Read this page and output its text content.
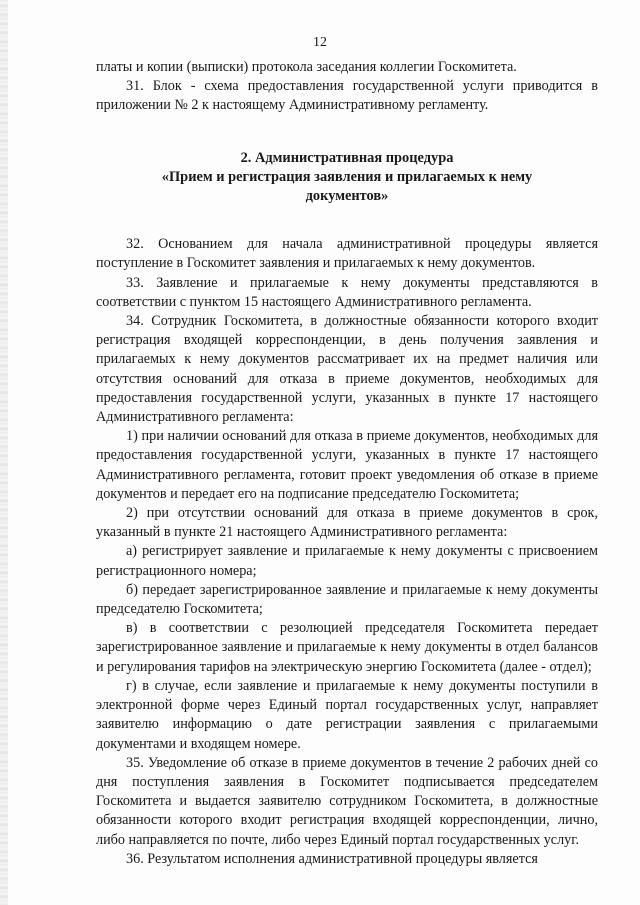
12

платы и копии (выписки) протокола заседания коллегии Госкомитета.

31. Блок - схема предоставления государственной услуги приводится в приложении № 2 к настоящему Административному регламенту.

2. Административная процедура

«Прием и регистрация заявления и прилагаемых к нему

документов»

32. Основанием для начала административной процедуры является поступление в Госкомитет заявления и прилагаемых к нему документов.

33. Заявление и прилагаемые к нему документы представляются в соответствии с пунктом 15 настоящего Административного регламента.

34. Сотрудник Госкомитета, в должностные обязанности которого входит регистрация входящей корреспонденции, в день получения заявления и прилагаемых к нему документов рассматривает их на предмет наличия или отсутствия оснований для отказа в приеме документов, необходимых для предоставления государственной услуги, указанных в пункте 17 настоящего Административного регламента:

1) при наличии оснований для отказа в приеме документов, необходимых для предоставления государственной услуги, указанных в пункте 17 настоящего Административного регламента, готовит проект уведомления об отказе в приеме документов и передает его на подписание председателю Госкомитета;

2) при отсутствии оснований для отказа в приеме документов в срок, указанный в пункте 21 настоящего Административного регламента:

а) регистрирует заявление и прилагаемые к нему документы с присвоением регистрационного номера;

б) передает зарегистрированное заявление и прилагаемые к нему документы председателю Госкомитета;

в) в соответствии с резолюцией председателя Госкомитета передает зарегистрированное заявление и прилагаемые к нему документы в отдел балансов и регулирования тарифов на электрическую энергию Госкомитета (далее - отдел);

г) в случае, если заявление и прилагаемые к нему документы поступили в электронной форме через Единый портал государственных услуг, направляет заявителю информацию о дате регистрации заявления с прилагаемыми документами и входящем номере.

35. Уведомление об отказе в приеме документов в течение 2 рабочих дней со дня поступления заявления в Госкомитет подписывается председателем Госкомитета и выдается заявителю сотрудником Госкомитета, в должностные обязанности которого входит регистрация входящей корреспонденции, лично, либо направляется по почте, либо через Единый портал государственных услуг.

36. Результатом исполнения административной процедуры является
